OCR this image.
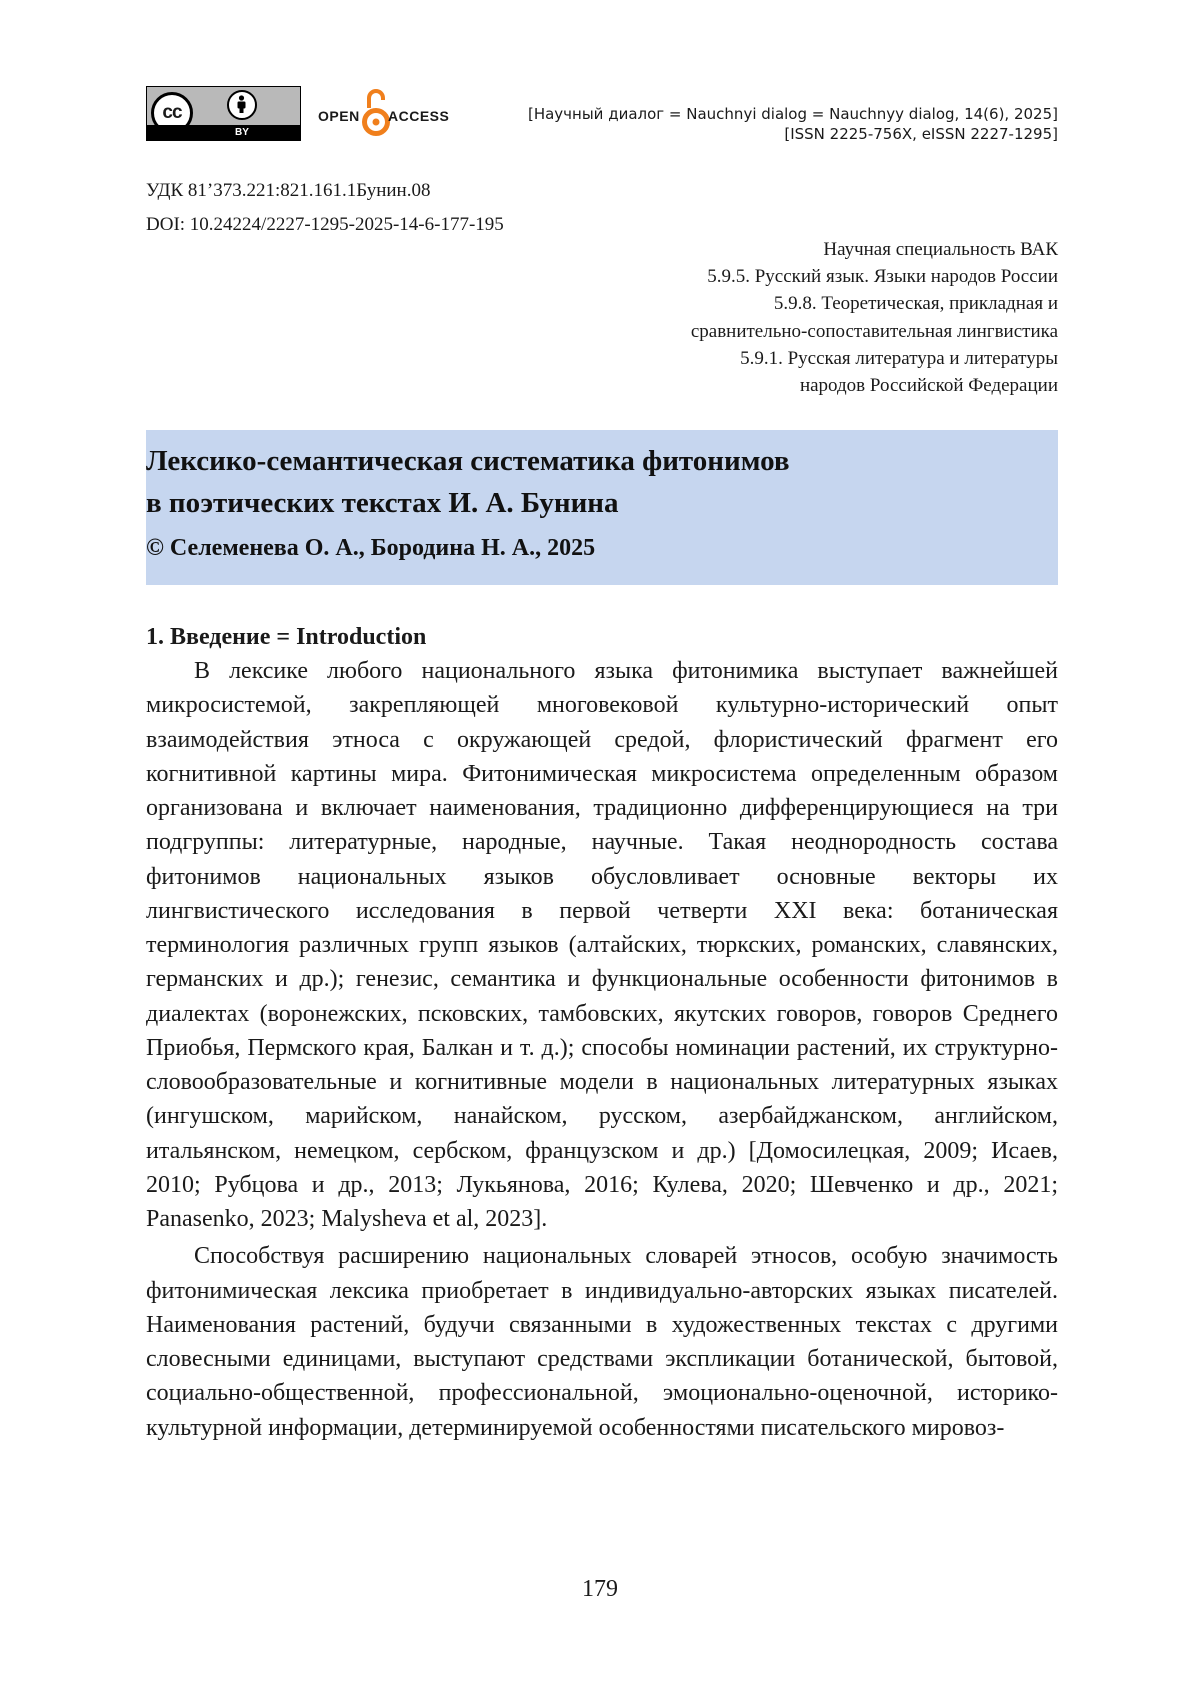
cc
BY
OPEN ACCESS	[Научный диалог = Nauchnyi dialog = Nauchnyy dialog, 14(6), 2025]
[ISSN 2225-756X, eISSN 2227-1295]
УДК 81’373.221:821.161.1Бунин.08
DOI: 10.24224/2227-1295-2025-14-6-177-195
Научная специальность ВАК
5.9.5. Русский язык. Языки народов России
5.9.8. Теоретическая, прикладная и
сравнительно-сопоставительная лингвистика
5.9.1. Русская литература и литературы
народов Российской Федерации
Лексико-семантическая систематика фитонимов
в поэтических текстах И. А. Бунина
© Селеменева О. А., Бородина Н. А., 2025
1. Введение = Introduction

В лексике любого национального языка фитонимика выступает важнейшей микросистемой, закрепляющей многовековой культурно-исторический опыт взаимодействия этноса с окружающей средой, флористический фрагмент его когнитивной картины мира. Фитонимическая микросистема определенным образом организована и включает наименования, традиционно дифференцирующиеся на три подгруппы: литературные, народные, научные. Такая неоднородность состава фитонимов национальных языков обусловливает основные векторы их лингвистического исследования в первой четверти XXI века: ботаническая терминология различных групп языков (алтайских, тюркских, романских, славянских, германских и др.); генезис, семантика и функциональные особенности фитонимов в диалектах (воронежских, псковских, тамбовских, якутских говоров, говоров Среднего Приобья, Пермского края, Балкан и т. д.); способы номинации растений, их структурно-словообразовательные и когнитивные модели в национальных литературных языках (ингушском, марийском, нанайском, русском, азербайджанском, английском, итальянском, немецком, сербском, французском и др.) [Домосилецкая, 2009; Исаев, 2010; Рубцова и др., 2013; Лукьянова, 2016; Кулева, 2020; Шевченко и др., 2021; Panasenko, 2023; Malysheva et al, 2023].

Способствуя расширению национальных словарей этносов, особую значимость фитонимическая лексика приобретает в индивидуально-авторских языках писателей. Наименования растений, будучи связанными в художественных текстах с другими словесными единицами, выступают средствами экспликации ботанической, бытовой, социально-общественной, профессиональной, эмоционально-оценочной, историко-культурной информации, детерминируемой особенностями писательского мировоз-

179
